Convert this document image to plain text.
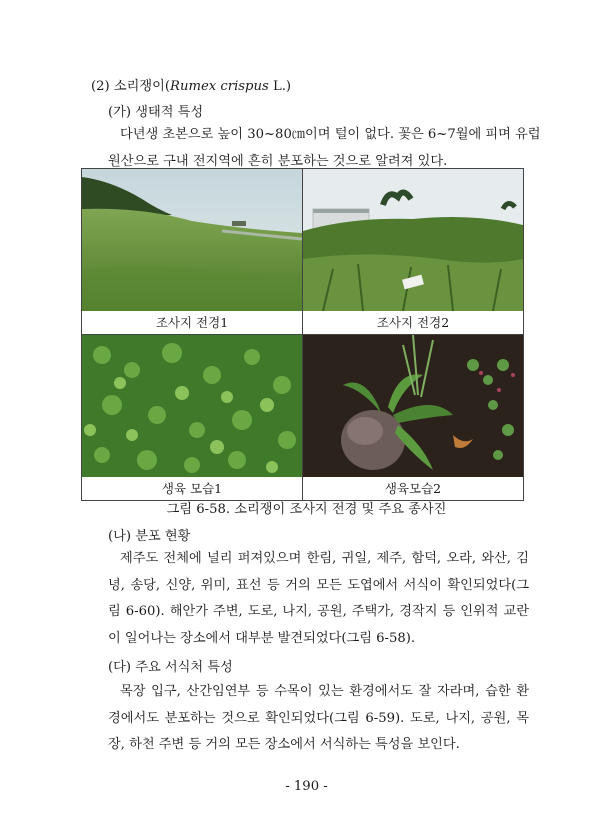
(2) 소리쟁이(Rumex crispus L.)
(가) 생태적 특성
다년생 초본으로 높이 30~80㎝이며 털이 없다. 꽃은 6~7월에 피며 유럽
원산으로 구내 전지역에 흔히 분포하는 것으로 알려져 있다.
조사지 전경1	조사지 전경2

생육 모습1	생육모습2
그림 6-58. 소리쟁이 조사지 전경 및 주요 종사진
(나) 분포 현황
제주도 전체에 널리 퍼져있으며 한림, 귀일, 제주, 함덕, 오라, 와산, 김
녕, 송당, 신양, 위미, 표선 등 거의 모든 도엽에서 서식이 확인되었다(그
림 6-60). 해안가 주변, 도로, 나지, 공원, 주택가, 경작지 등 인위적 교란
이 일어나는 장소에서 대부분 발견되었다(그림 6-58).
(다) 주요 서식처 특성
목장 입구, 산간임연부 등 수목이 있는 환경에서도 잘 자라며, 습한 환
경에서도 분포하는 것으로 확인되었다(그림 6-59). 도로, 나지, 공원, 목
장, 하천 주변 등 거의 모든 장소에서 서식하는 특성을 보인다.
- 190 -
